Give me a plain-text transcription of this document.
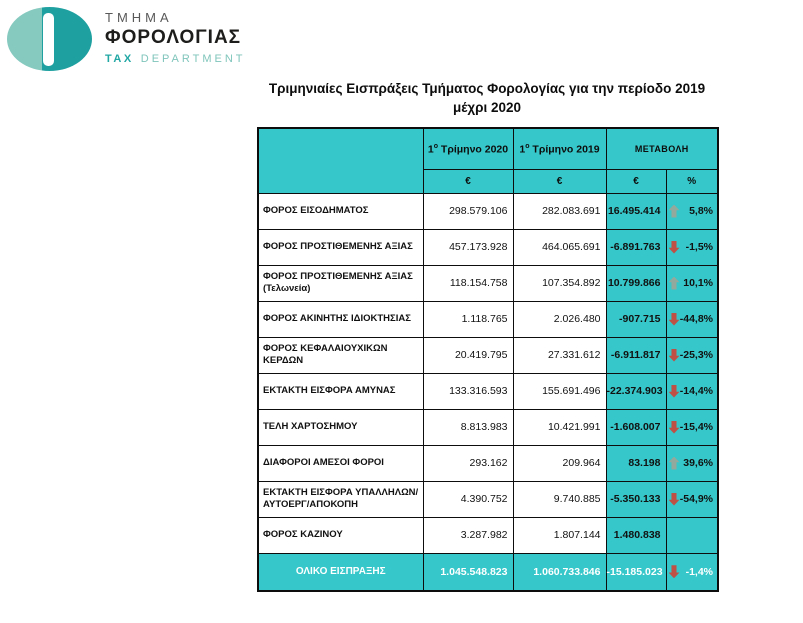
ΤΜΗΜΑ
ΦΟΡΟΛΟΓΙΑΣ
TAX DEPARTMENT
Τριμηνιαίες Εισπράξεις Τμήματος Φορολογίας για την περίοδο 2019 μέχρι 2020
	$1^o$ Τρίμηνο 2020	$1^o$ Τρίμηνο 2019	ΜΕΤΑΒΟΛΗ	
	€	€	€	%
ΦΟΡΟΣ ΕΙΣΟΔΗΜΑΤΟΣ	298.579.106	282.083.691	16.495.414	5,8%

ΦΟΡΟΣ ΠΡΟΣΤΙΘΕΜΕΝΗΣ ΑΞΙΑΣ	457.173.928	464.065.691	-6.891.763	-1,5%

ΦΟΡΟΣ ΠΡΟΣΤΙΘΕΜΕΝΗΣ ΑΞΙΑΣ (Τελωνεία)	118.154.758	107.354.892	10.799.866	10,1%

ΦΟΡΟΣ ΑΚΙΝΗΤΗΣ ΙΔΙΟΚΤΗΣΙΑΣ	1.118.765	2.026.480	-907.715	-44,8%

ΦΟΡΟΣ ΚΕΦΑΛΑΙΟΥΧΙΚΩΝ ΚΕΡΔΩΝ	20.419.795	27.331.612	-6.911.817	-25,3%

ΕΚΤΑΚΤΗ ΕΙΣΦΟΡΑ ΑΜΥΝΑΣ	133.316.593	155.691.496	-22.374.903	-14,4%

ΤΕΛΗ ΧΑΡΤΟΣΗΜΟΥ	8.813.983	10.421.991	-1.608.007	-15,4%

ΔΙΑΦΟΡΟΙ ΑΜΕΣΟΙ ΦΟΡΟΙ	293.162	209.964	83.198	39,6%

ΕΚΤΑΚΤΗ ΕΙΣΦΟΡΑ ΥΠΑΛΛΗΛΩΝ/ΑΥΤΟΕΡΓ/ΑΠΟΚΟΠΗ	4.390.752	9.740.885	-5.350.133	-54,9%

ΦΟΡΟΣ ΚΑΖΙΝΟΥ	3.287.982	1.807.144	1.480.838	

ΟΛΙΚΟ ΕΙΣΠΡΑΞΗΣ	1.045.548.823	1.060.733.846	-15.185.023	-1,4%
